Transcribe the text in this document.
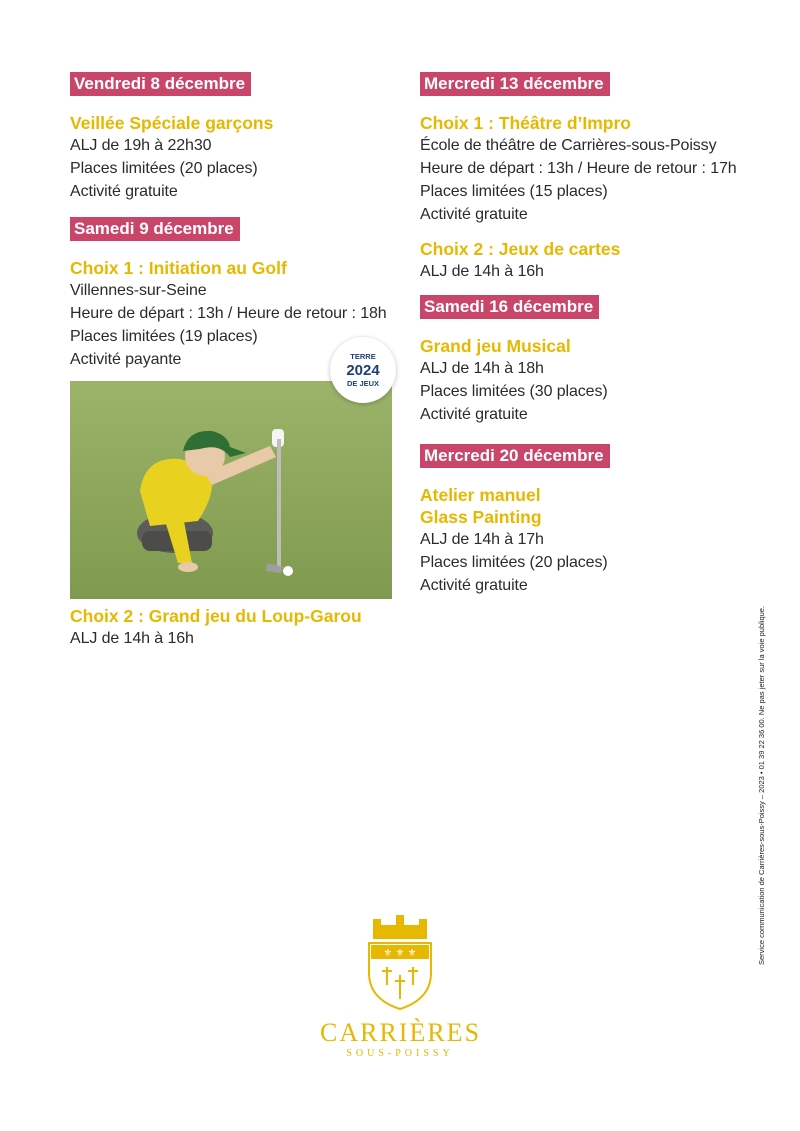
Vendredi 8 décembre
Veillée Spéciale garçons
ALJ de 19h à 22h30
Places limitées (20 places)
Activité gratuite
Samedi 9 décembre
Choix 1 : Initiation au Golf
Villennes-sur-Seine
Heure de départ : 13h / Heure de retour : 18h
Places limitées (19 places)
Activité payante	TERRE
2024
DE JEUX
Choix 2 : Grand jeu du Loup-Garou
ALJ de 14h à 16h
Mercredi 13 décembre
Choix 1 : Théâtre d’Impro
École de théâtre de Carrières-sous-Poissy
Heure de départ : 13h / Heure de retour : 17h
Places limitées (15 places)
Activité gratuite
Choix 2 : Jeux de cartes
ALJ de 14h à 16h
Samedi 16 décembre
Grand jeu Musical
ALJ de 14h à 18h
Places limitées (30 places)
Activité gratuite
Mercredi 20 décembre
Atelier manuel
Glass Painting
ALJ de 14h à 17h
Places limitées (20 places)
Activité gratuite
Service communication de Carrières-sous-Poissy – 2023 • 01 39 22 36 00. Ne pas jeter sur la voie publique.
⚜ ⚜ ⚜
CARRIÈRES
SOUS-POISSY
